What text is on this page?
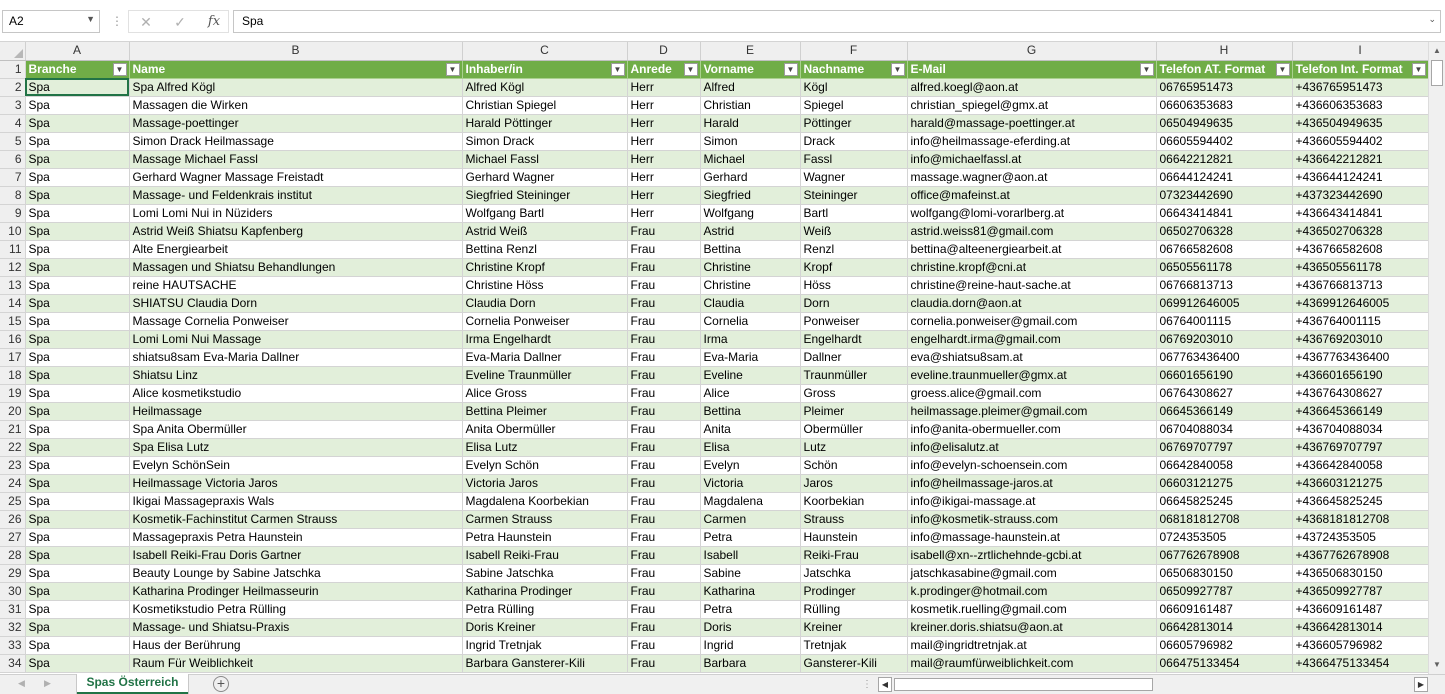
A2	▼ ⋮	✕	✓	fx	Spa	⌄
	A	B	C	D	E	F	G	H	I
1	Branche ▼	Name ▼	Inhaber/in ▼	Anrede ▼	Vorname ▼	Nachname ▼	E-Mail ▼	Telefon AT. Format ▼	Telefon Int. Format ▼

2	Spa	Spa Alfred Kögl	Alfred Kögl	Herr	Alfred	Kögl	alfred.koegl@aon.at	06765951473	+436765951473
3	Spa	Massagen die Wirken	Christian Spiegel	Herr	Christian	Spiegel	christian_spiegel@gmx.at	06606353683	+436606353683
4	Spa	Massage-poettinger	Harald Pöttinger	Herr	Harald	Pöttinger	harald@massage-poettinger.at	06504949635	+436504949635
5	Spa	Simon Drack Heilmassage	Simon Drack	Herr	Simon	Drack	info@heilmassage-eferding.at	06605594402	+436605594402
6	Spa	Massage Michael Fassl	Michael Fassl	Herr	Michael	Fassl	info@michaelfassl.at	06642212821	+436642212821
7	Spa	Gerhard Wagner Massage Freistadt	Gerhard Wagner	Herr	Gerhard	Wagner	massage.wagner@aon.at	06644124241	+436644124241
8	Spa	Massage- und Feldenkrais institut	Siegfried Steininger	Herr	Siegfried	Steininger	office@mafeinst.at	07323442690	+437323442690
9	Spa	Lomi Lomi Nui in Nüziders	Wolfgang Bartl	Herr	Wolfgang	Bartl	wolfgang@lomi-vorarlberg.at	06643414841	+436643414841
10	Spa	Astrid Weiß Shiatsu Kapfenberg	Astrid Weiß	Frau	Astrid	Weiß	astrid.weiss81@gmail.com	06502706328	+436502706328
11	Spa	Alte Energiearbeit	Bettina Renzl	Frau	Bettina	Renzl	bettina@alteenergiearbeit.at	06766582608	+436766582608
12	Spa	Massagen und Shiatsu Behandlungen	Christine Kropf	Frau	Christine	Kropf	christine.kropf@cni.at	06505561178	+436505561178
13	Spa	reine HAUTSACHE	Christine Höss	Frau	Christine	Höss	christine@reine-haut-sache.at	06766813713	+436766813713
14	Spa	SHIATSU Claudia Dorn	Claudia Dorn	Frau	Claudia	Dorn	claudia.dorn@aon.at	069912646005	+4369912646005
15	Spa	Massage Cornelia Ponweiser	Cornelia Ponweiser	Frau	Cornelia	Ponweiser	cornelia.ponweiser@gmail.com	06764001115	+436764001115
16	Spa	Lomi Lomi Nui Massage	Irma Engelhardt	Frau	Irma	Engelhardt	engelhardt.irma@gmail.com	06769203010	+436769203010
17	Spa	shiatsu8sam Eva-Maria Dallner	Eva-Maria Dallner	Frau	Eva-Maria	Dallner	eva@shiatsu8sam.at	067763436400	+4367763436400
18	Spa	Shiatsu Linz	Eveline Traunmüller	Frau	Eveline	Traunmüller	eveline.traunmueller@gmx.at	06601656190	+436601656190
19	Spa	Alice kosmetikstudio	Alice Gross	Frau	Alice	Gross	groess.alice@gmail.com	06764308627	+436764308627
20	Spa	Heilmassage	Bettina Pleimer	Frau	Bettina	Pleimer	heilmassage.pleimer@gmail.com	06645366149	+436645366149
21	Spa	Spa Anita Obermüller	Anita Obermüller	Frau	Anita	Obermüller	info@anita-obermueller.com	06704088034	+436704088034
22	Spa	Spa Elisa Lutz	Elisa Lutz	Frau	Elisa	Lutz	info@elisalutz.at	06769707797	+436769707797
23	Spa	Evelyn SchönSein	Evelyn Schön	Frau	Evelyn	Schön	info@evelyn-schoensein.com	06642840058	+436642840058
24	Spa	Heilmassage Victoria Jaros	Victoria Jaros	Frau	Victoria	Jaros	info@heilmassage-jaros.at	06603121275	+436603121275
25	Spa	Ikigai Massagepraxis Wals	Magdalena Koorbekian	Frau	Magdalena	Koorbekian	info@ikigai-massage.at	06645825245	+436645825245
26	Spa	Kosmetik-Fachinstitut Carmen Strauss	Carmen Strauss	Frau	Carmen	Strauss	info@kosmetik-strauss.com	068181812708	+4368181812708
27	Spa	Massagepraxis Petra Haunstein	Petra Haunstein	Frau	Petra	Haunstein	info@massage-haunstein.at	0724353505	+43724353505
28	Spa	Isabell Reiki-Frau Doris Gartner	Isabell Reiki-Frau	Frau	Isabell	Reiki-Frau	isabell@xn--zrtlichehnde-gcbi.at	067762678908	+4367762678908
29	Spa	Beauty Lounge by Sabine Jatschka	Sabine Jatschka	Frau	Sabine	Jatschka	jatschkasabine@gmail.com	06506830150	+436506830150
30	Spa	Katharina Prodinger Heilmasseurin	Katharina Prodinger	Frau	Katharina	Prodinger	k.prodinger@hotmail.com	06509927787	+436509927787
31	Spa	Kosmetikstudio Petra Rülling	Petra Rülling	Frau	Petra	Rülling	kosmetik.ruelling@gmail.com	06609161487	+436609161487
32	Spa	Massage- und Shiatsu-Praxis	Doris Kreiner	Frau	Doris	Kreiner	kreiner.doris.shiatsu@aon.at	06642813014	+436642813014
33	Spa	Haus der Berührung	Ingrid Tretnjak	Frau	Ingrid	Tretnjak	mail@ingridtretnjak.at	06605796982	+436605796982
34	Spa	Raum Für Weiblichkeit	Barbara Gansterer-Kili	Frau	Barbara	Gansterer-Kili	mail@raumfürweiblichkeit.com	066475133454	+4366475133454
▲
▼
◀ ▶	Spas Österreich	+	⋮	◀	▶
